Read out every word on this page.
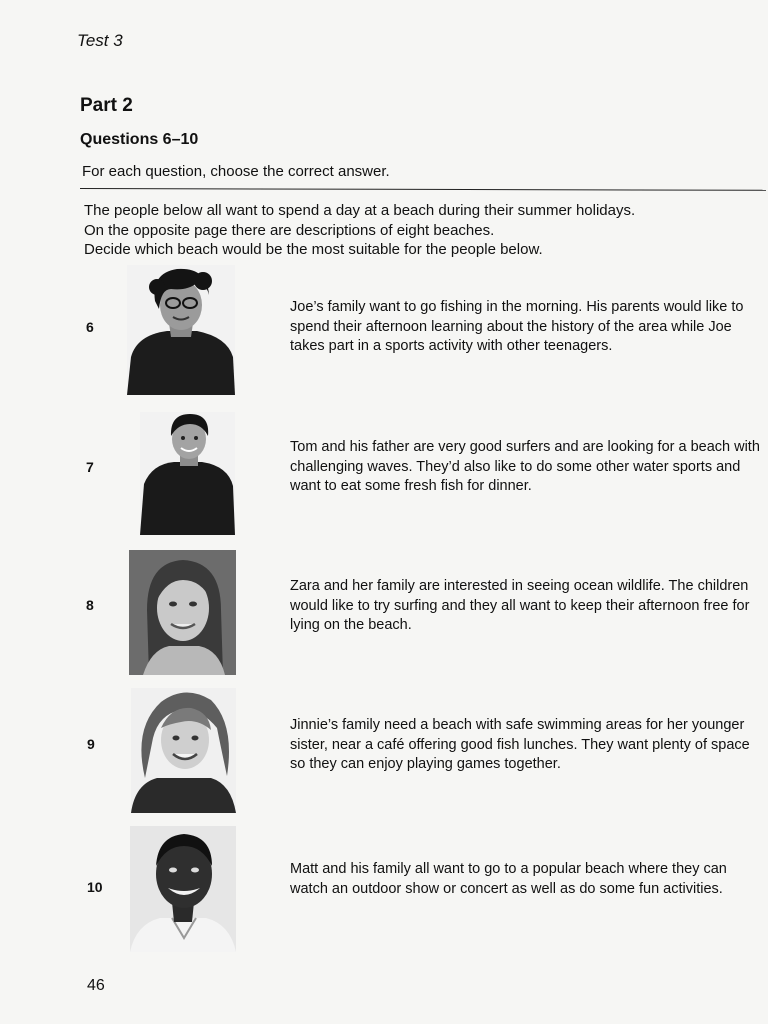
Test 3
Part 2
Questions 6–10
For each question, choose the correct answer.
The people below all want to spend a day at a beach during their summer holidays.
On the opposite page there are descriptions of eight beaches.
Decide which beach would be the most suitable for the people below.
6
Joe’s family want to go fishing in the morning. His parents would like to spend their afternoon learning about the history of the area while Joe takes part in a sports activity with other teenagers.
7
Tom and his father are very good surfers and are looking for a beach with challenging waves. They’d also like to do some other water sports and want to eat some fresh fish for dinner.
8
Zara and her family are interested in seeing ocean wildlife. The children would like to try surfing and they all want to keep their afternoon free for lying on the beach.
9
Jinnie’s family need a beach with safe swimming areas for her younger sister, near a café offering good fish lunches. They want plenty of space so they can enjoy playing games together.
10
Matt and his family all want to go to a popular beach where they can watch an outdoor show or concert as well as do some fun activities.
46
